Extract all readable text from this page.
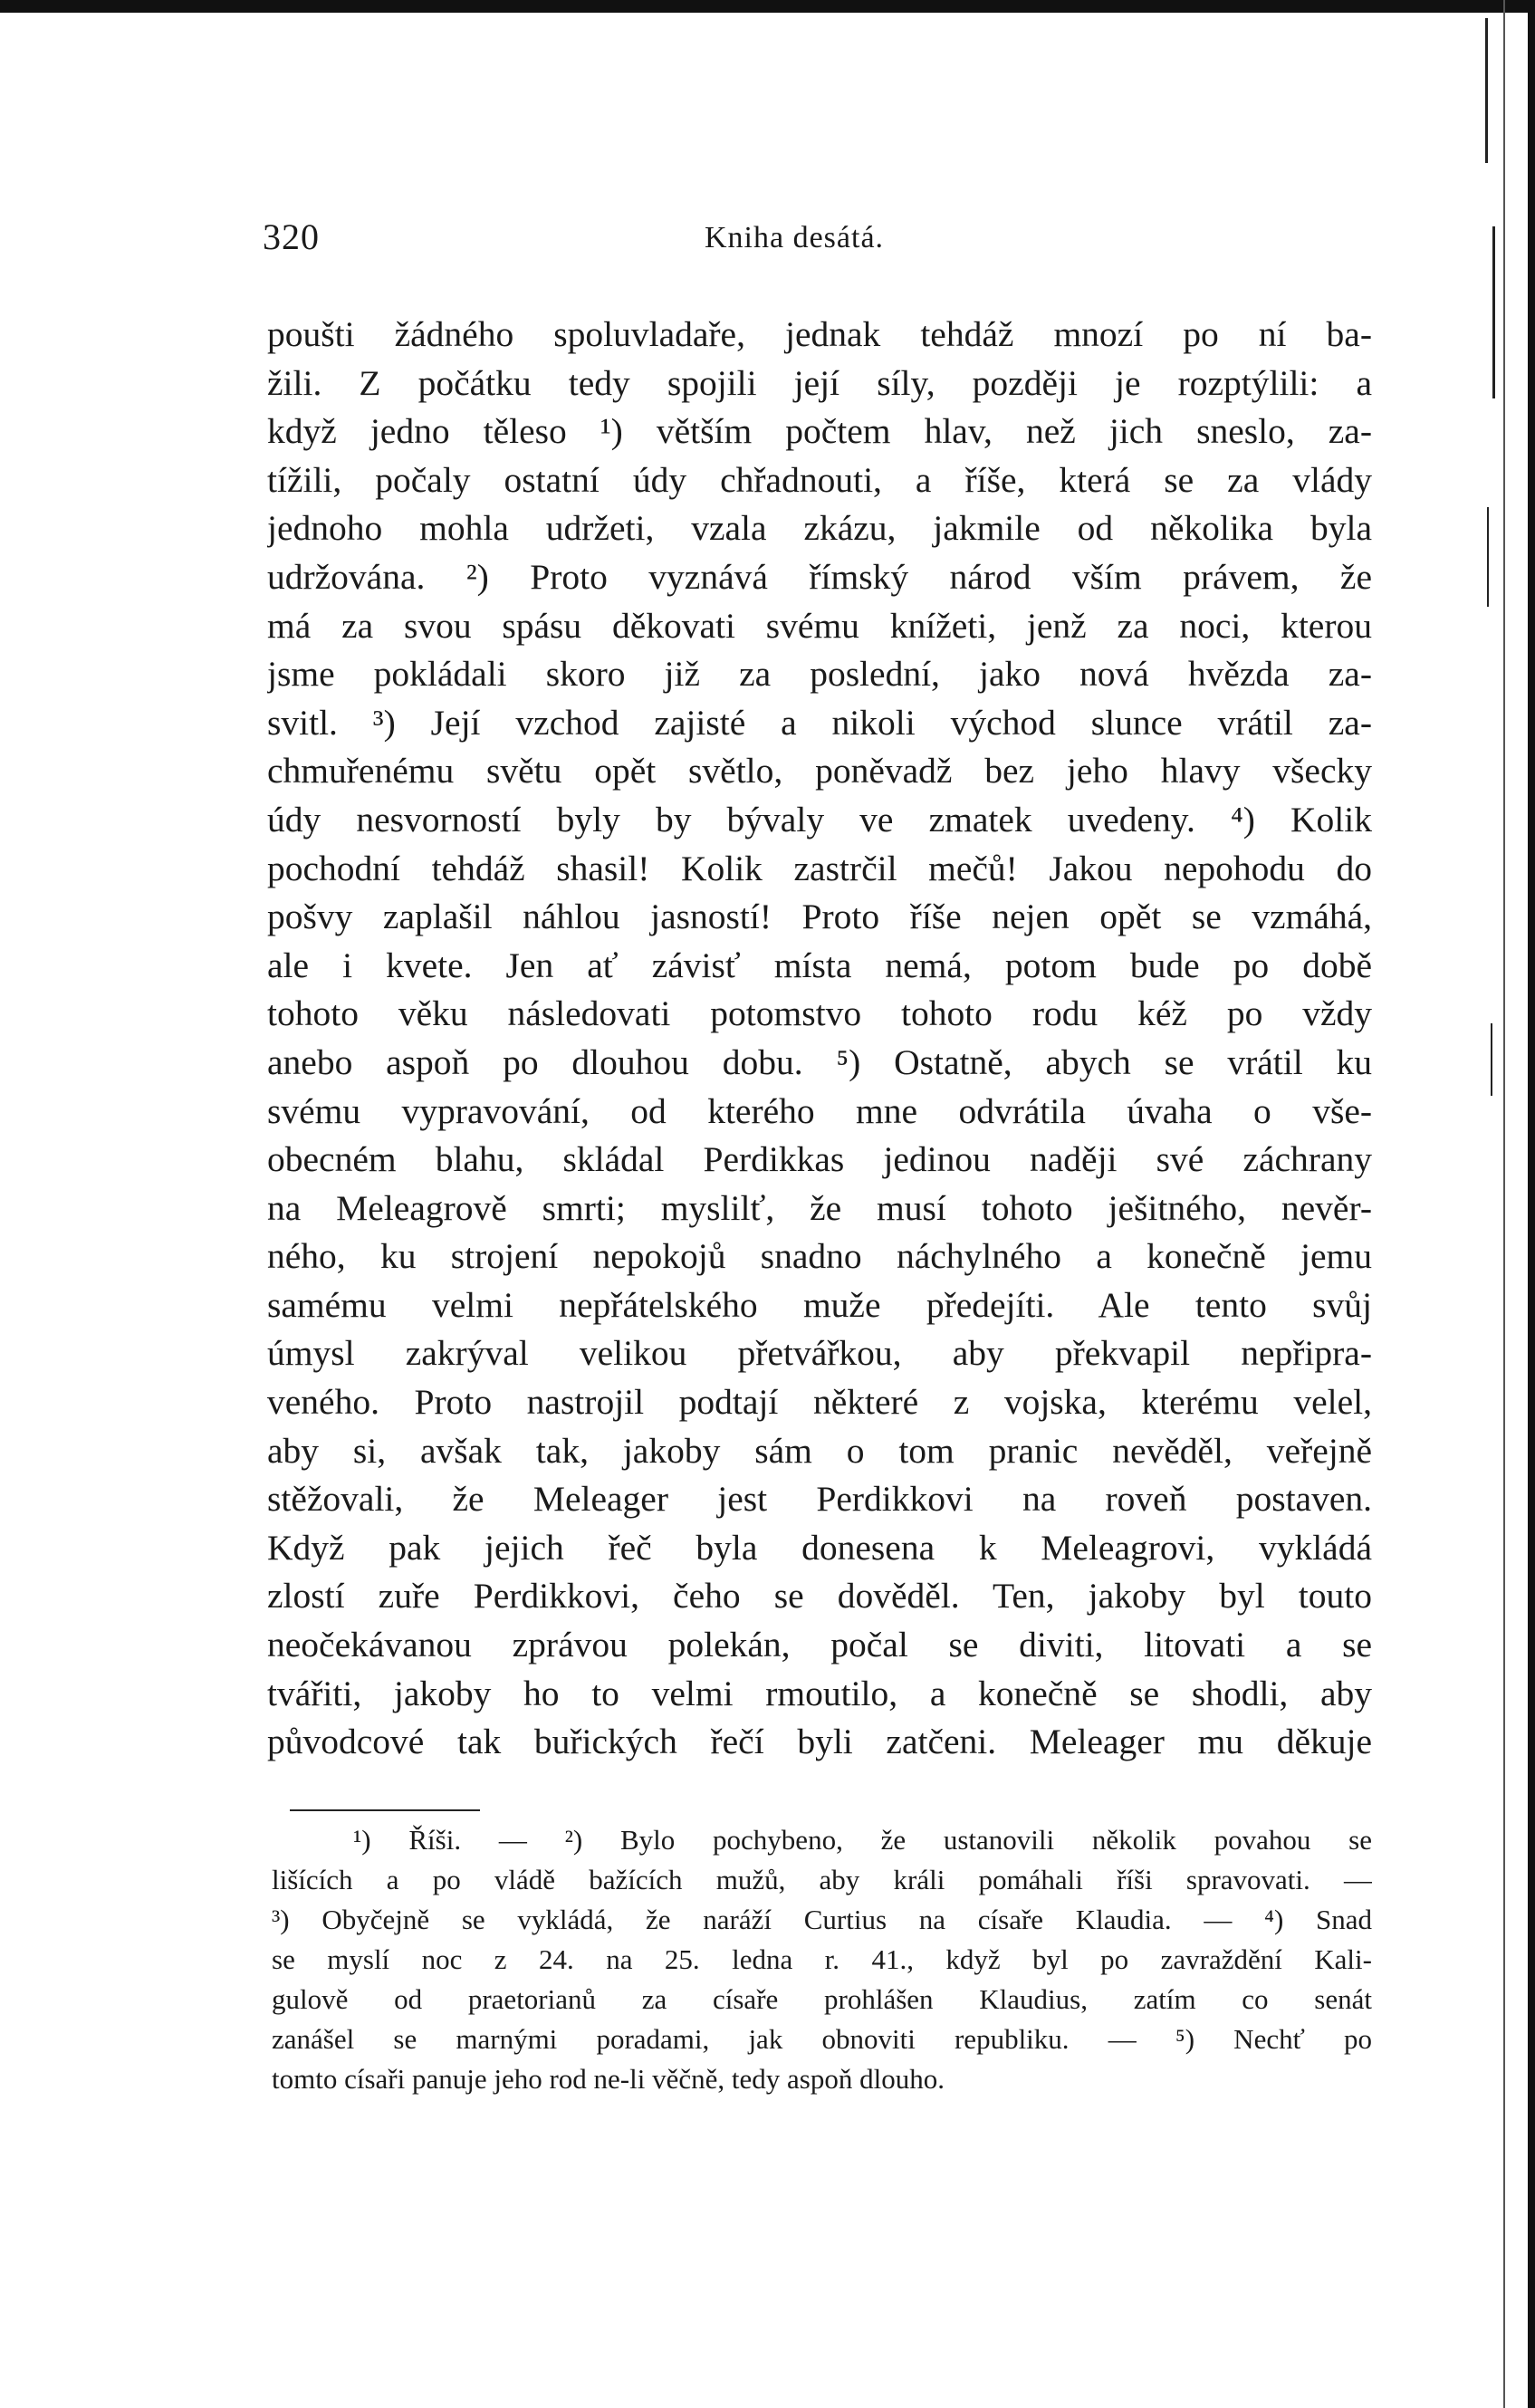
320	Kniha desátá.
poušti žádného spoluvladaře, jednak tehdáž mnozí po ní ba-
žili. Z počátku tedy spojili její síly, později je rozptýlili: a
když jedno těleso ¹) větším počtem hlav, než jich sneslo, za-
tížili, počaly ostatní údy chřadnouti, a říše, která se za vlády
jednoho mohla udržeti, vzala zkázu, jakmile od několika byla
udržována. ²) Proto vyznává římský národ vším právem, že
má za svou spásu děkovati svému knížeti, jenž za noci, kterou
jsme pokládali skoro již za poslední, jako nová hvězda za-
svitl. ³) Její vzchod zajisté a nikoli východ slunce vrátil za-
chmuřenému světu opět světlo, poněvadž bez jeho hlavy všecky
údy nesvorností byly by bývaly ve zmatek uvedeny. ⁴) Kolik
pochodní tehdáž shasil! Kolik zastrčil mečů! Jakou nepohodu do
pošvy zaplašil náhlou jasností! Proto říše nejen opět se vzmáhá,
ale i kvete. Jen ať závisť místa nemá, potom bude po době
tohoto věku následovati potomstvo tohoto rodu kéž po vždy
anebo aspoň po dlouhou dobu. ⁵) Ostatně, abych se vrátil ku
svému vypravování, od kterého mne odvrátila úvaha o vše-
obecném blahu, skládal Perdikkas jedinou naději své záchrany
na Meleagrově smrti; myslilť, že musí tohoto ješitného, nevěr-
ného, ku strojení nepokojů snadno náchylného a konečně jemu
samému velmi nepřátelského muže předejíti. Ale tento svůj
úmysl zakrýval velikou přetvářkou, aby překvapil nepřipra-
veného. Proto nastrojil podtají některé z vojska, kterému velel,
aby si, avšak tak, jakoby sám o tom pranic nevěděl, veřejně
stěžovali, že Meleager jest Perdikkovi na roveň postaven.
Když pak jejich řeč byla donesena k Meleagrovi, vykládá
zlostí zuře Perdikkovi, čeho se dověděl. Ten, jakoby byl touto
neočekávanou zprávou polekán, počal se diviti, litovati a se
tvářiti, jakoby ho to velmi rmoutilo, a konečně se shodli, aby
původcové tak buřických řečí byli zatčeni. Meleager mu děkuje
¹) Říši. — ²) Bylo pochybeno, že ustanovili několik povahou se
lišících a po vládě bažících mužů, aby králi pomáhali říši spravovati. —
³) Obyčejně se vykládá, že naráží Curtius na císaře Klaudia. — ⁴) Snad
se myslí noc z 24. na 25. ledna r. 41., když byl po zavraždění Kali-
gulově od praetorianů za císaře prohlášen Klaudius, zatím co senát
zanášel se marnými poradami, jak obnoviti republiku. — ⁵) Nechť po
tomto císaři panuje jeho rod ne-li věčně, tedy aspoň dlouho.
